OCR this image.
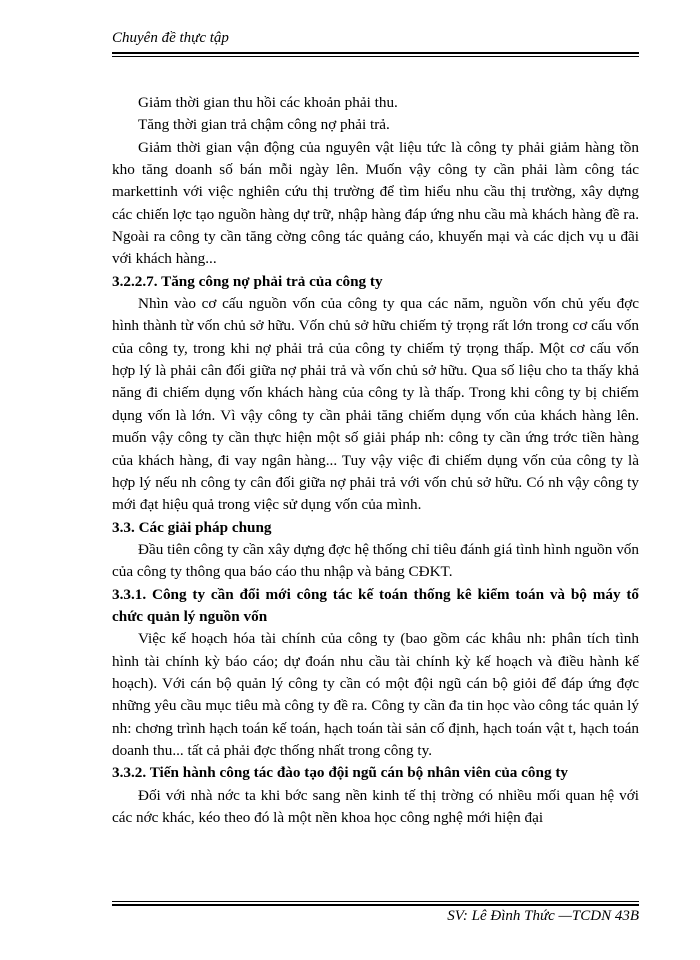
Chuyên đề thực tập

Giảm thời gian thu hồi các khoản phải thu.

Tăng thời gian trả chậm công nợ phải trả.

Giảm thời gian vận động của nguyên vật liệu tức là công ty phải giảm hàng tồn kho tăng doanh số bán mỗi ngày lên. Muốn vậy công ty cần phải làm công tác markettinh với việc nghiên cứu thị trường để tìm hiểu nhu cầu thị trường, xây dựng các chiến lợc tạo nguồn hàng dự trữ, nhập hàng đáp ứng nhu cầu mà khách hàng đề ra. Ngoài ra công ty cần tăng cờng công tác quảng cáo, khuyến mại và các dịch vụ u đãi với khách hàng...

3.2.2.7. Tăng công nợ phải trả của công ty

Nhìn vào cơ cấu nguồn vốn của công ty qua các năm, nguồn vốn chủ yếu đợc hình thành từ vốn chủ sở hữu. Vốn chủ sở hữu chiếm tỷ trọng rất lớn trong cơ cấu vốn của công ty, trong khi nợ phải trả của công ty chiếm tỷ trọng thấp. Một cơ cấu vốn hợp lý là phải cân đối giữa nợ phải trả và vốn chủ sở hữu. Qua số liệu cho ta thấy khả năng đi chiếm dụng vốn khách hàng của công ty là thấp. Trong khi công ty bị chiếm dụng vốn là lớn. Vì vậy công ty cần phải tăng chiếm dụng vốn của khách hàng lên. muốn vậy công ty cần thực hiện một số giải pháp nh: công ty cần ứng trớc tiền hàng của khách hàng, đi vay ngân hàng... Tuy vậy việc đi chiếm dụng vốn của công ty là hợp lý nếu nh công ty cân đối giữa nợ phải trả với vốn chủ sở hữu. Có nh vậy công ty mới đạt hiệu quả trong việc sử dụng vốn của mình.

3.3. Các giải pháp chung

Đầu tiên công ty cần xây dựng đợc hệ thống chỉ tiêu đánh giá tình hình nguồn vốn của công ty thông qua báo cáo thu nhập và bảng CĐKT.

3.3.1. Công ty cần đổi mới công tác kế toán thống kê kiểm toán và bộ máy tổ chức quản lý nguồn vốn

Việc kế hoạch hóa tài chính của công ty (bao gồm các khâu nh: phân tích tình hình tài chính kỳ báo cáo; dự đoán nhu cầu tài chính kỳ kế hoạch và điều hành kế hoạch). Với cán bộ quản lý công ty cần có một đội ngũ cán bộ giỏi để đáp ứng đợc những yêu cầu mục tiêu mà công ty đề ra. Công ty cần đa tin học vào công tác quản lý nh: chơng trình hạch toán kế toán, hạch toán tài sản cố định, hạch toán vật t, hạch toán doanh thu... tất cả phải đợc thống nhất trong công ty.

3.3.2. Tiến hành công tác đào tạo đội ngũ cán bộ nhân viên của công ty

Đối với nhà nớc ta khi bớc sang nền kinh tế thị trờng có nhiều mối quan hệ với các nớc khác, kéo theo đó là một nền khoa học công nghệ mới hiện đại

SV: Lê Đình Thức —TCDN 43B
